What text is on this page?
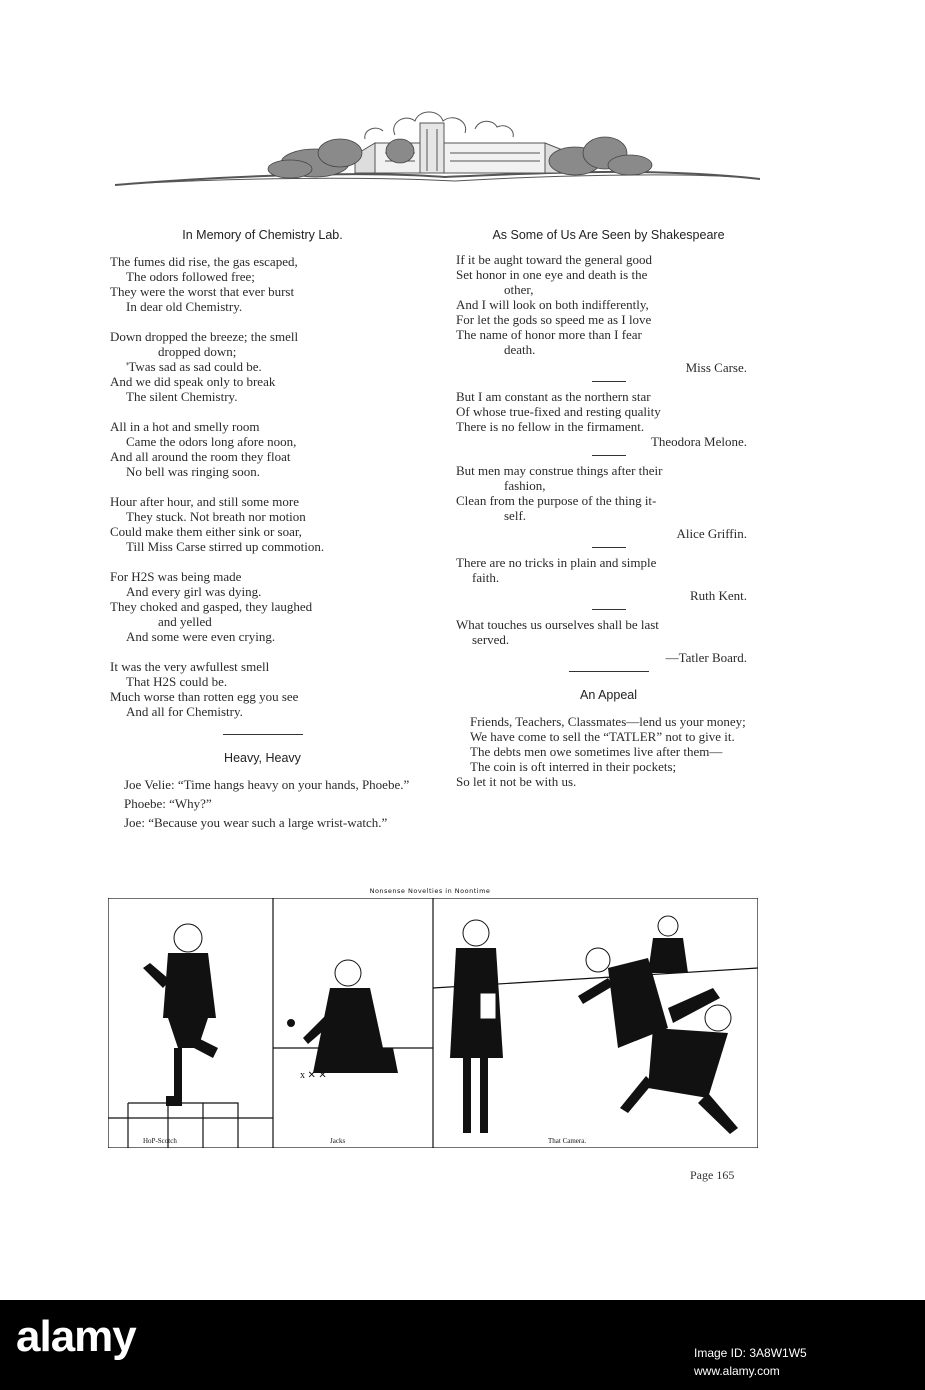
In Memory of Chemistry Lab.
The fumes did rise, the gas escaped,
The odors followed free;
They were the worst that ever burst
In dear old Chemistry.
Down dropped the breeze; the smell
dropped down;
'Twas sad as sad could be.
And we did speak only to break
The silent Chemistry.
All in a hot and smelly room
Came the odors long afore noon,
And all around the room they float
No bell was ringing soon.
Hour after hour, and still some more
They stuck. Not breath nor motion
Could make them either sink or soar,
Till Miss Carse stirred up commotion.
For H2S was being made
And every girl was dying.
They choked and gasped, they laughed
and yelled
And some were even crying.
It was the very awfullest smell
That H2S could be.
Much worse than rotten egg you see
And all for Chemistry.
Heavy, Heavy
Joe Velie: “Time hangs heavy on your hands, Phoebe.”
Phoebe: “Why?”
Joe: “Because you wear such a large wrist-watch.”
As Some of Us Are Seen by Shakespeare
If it be aught toward the general good
Set honor in one eye and death is the
other,
And I will look on both indifferently,
For let the gods so speed me as I love
The name of honor more than I fear
death.
Miss Carse.
But I am constant as the northern star
Of whose true-fixed and resting quality
There is no fellow in the firmament.
Theodora Melone.
But men may construe things after their
fashion,
Clean from the purpose of the thing it-
self.
Alice Griffin.
There are no tricks in plain and simple
faith.
Ruth Kent.
What touches us ourselves shall be last
served.
—Tatler Board.
An Appeal
Friends, Teachers, Classmates—lend us your money;
We have come to sell the “TATLER” not to give it.
The debts men owe sometimes live after them—
The coin is oft interred in their pockets;
So let it not be with us.
Nonsense Novelties in Noontime
x ✕ ✕
HoP-Scotch	Jacks	That Camera.
Page 165
alamy	Image ID: 3A8W1W5
www.alamy.com
